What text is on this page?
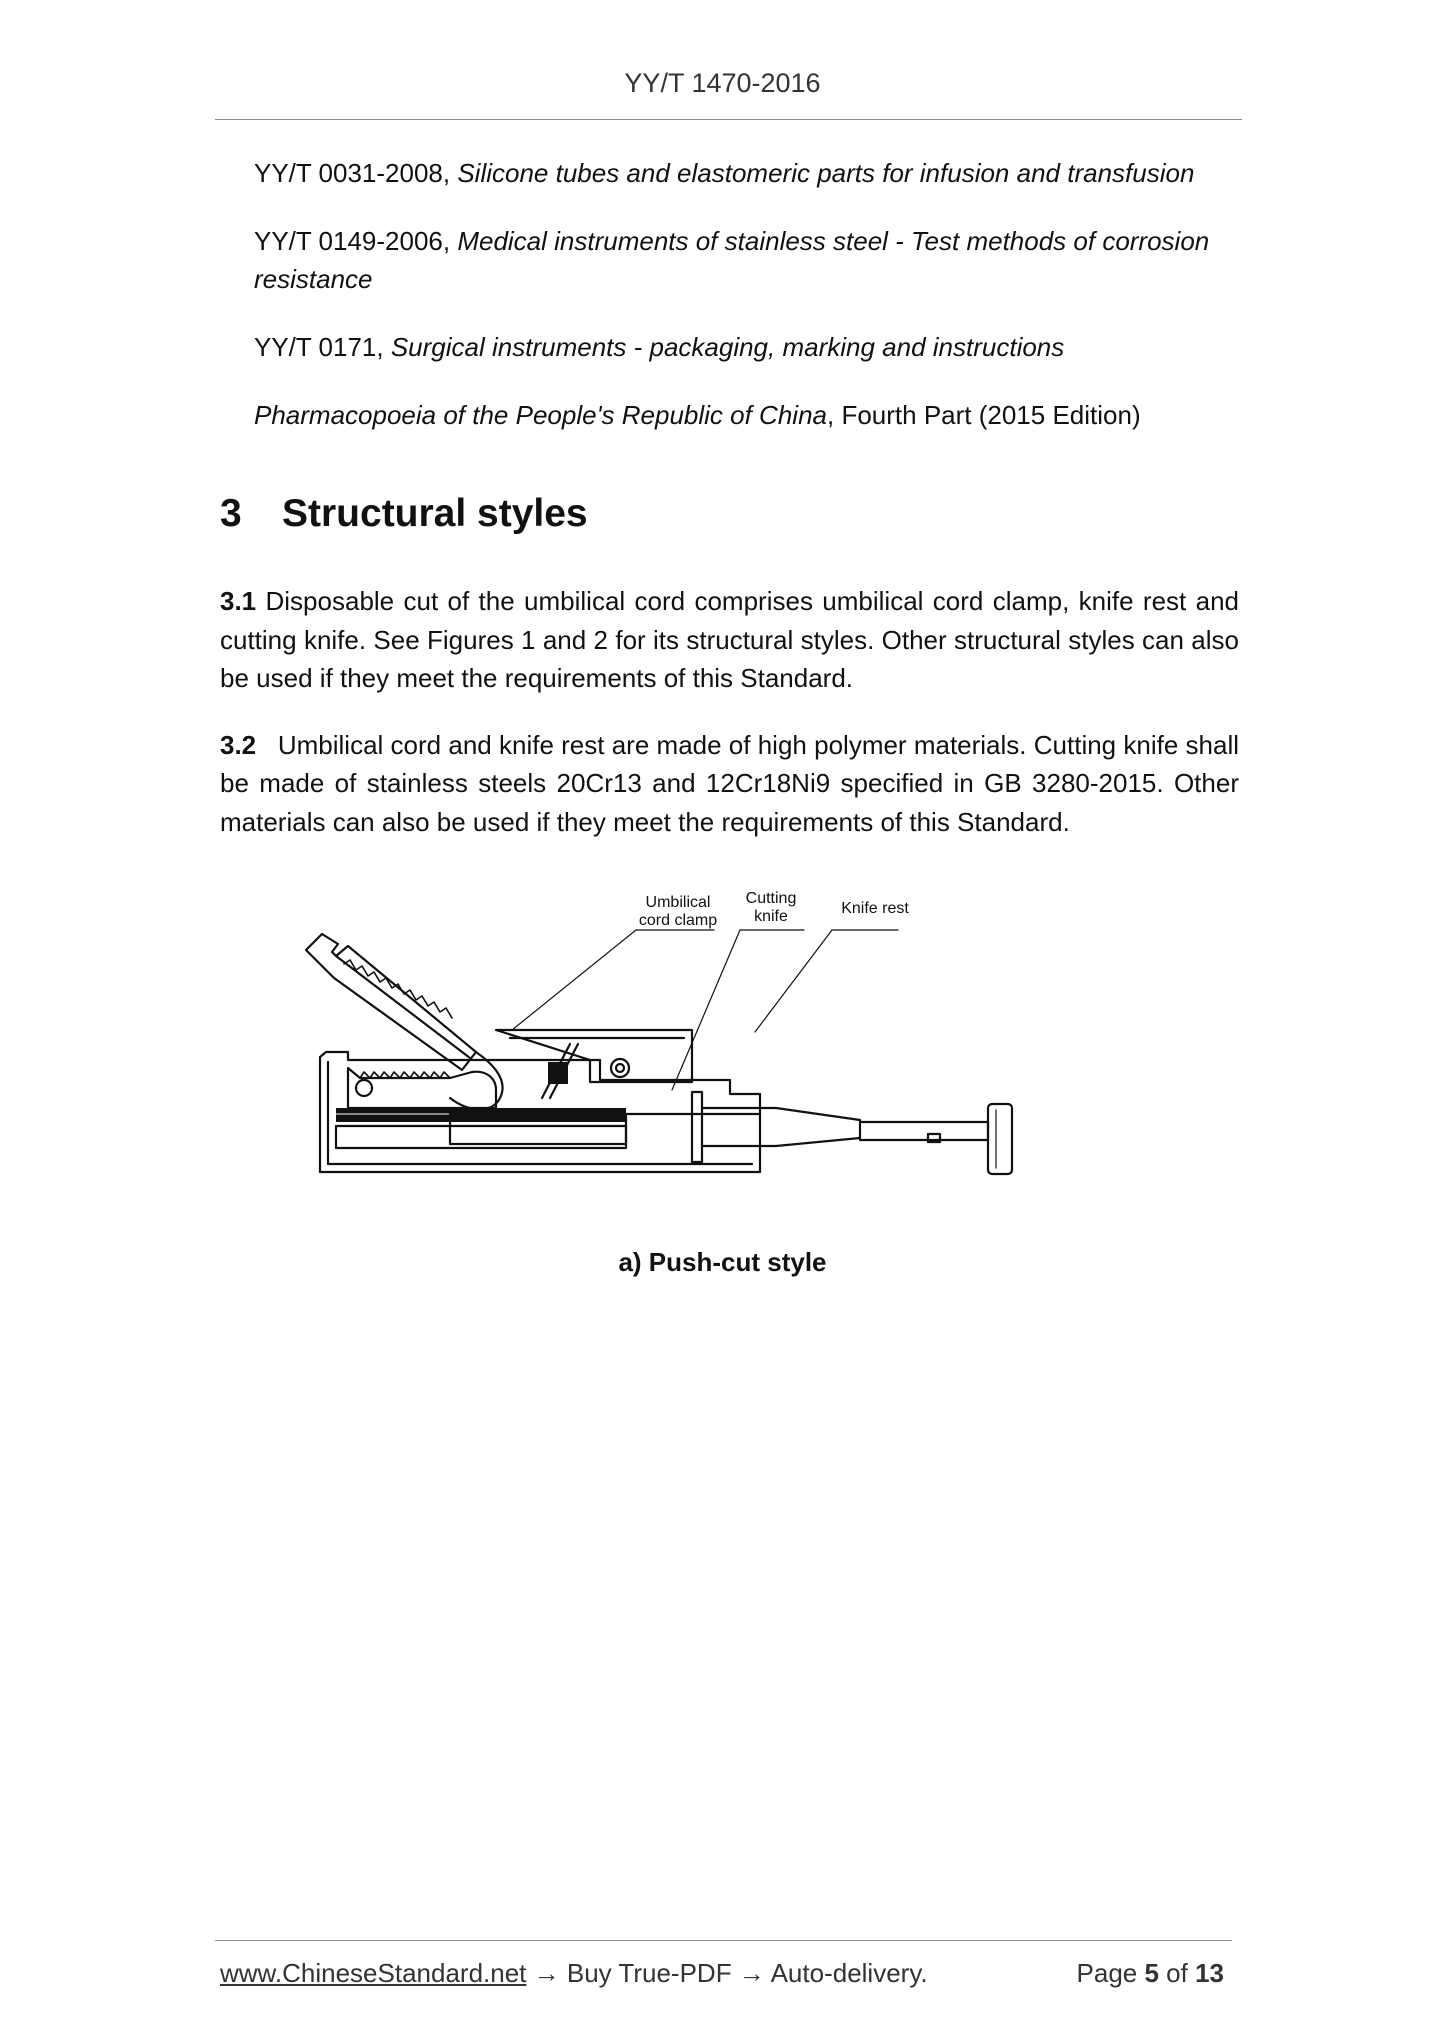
YY/T 1470-2016

YY/T 0031-2008, Silicone tubes and elastomeric parts for infusion and transfusion

YY/T 0149-2006, Medical instruments of stainless steel - Test methods of corrosion resistance

YY/T 0171, Surgical instruments - packaging, marking and instructions

Pharmacopoeia of the People's Republic of China, Fourth Part (2015 Edition)

3 Structural styles

3.1 Disposable cut of the umbilical cord comprises umbilical cord clamp, knife rest and cutting knife. See Figures 1 and 2 for its structural styles. Other structural styles can also be used if they meet the requirements of this Standard.

3.2   Umbilical cord and knife rest are made of high polymer materials. Cutting knife shall be made of stainless steels 20Cr13 and 12Cr18Ni9 specified in GB 3280-2015. Other materials can also be used if they meet the requirements of this Standard.

Umbilical
cord clamp
Cutting
knife	Knife rest
a) Push-cut style
www.ChineseStandard.net → Buy True-PDF → Auto-delivery.	Page 5 of 13
